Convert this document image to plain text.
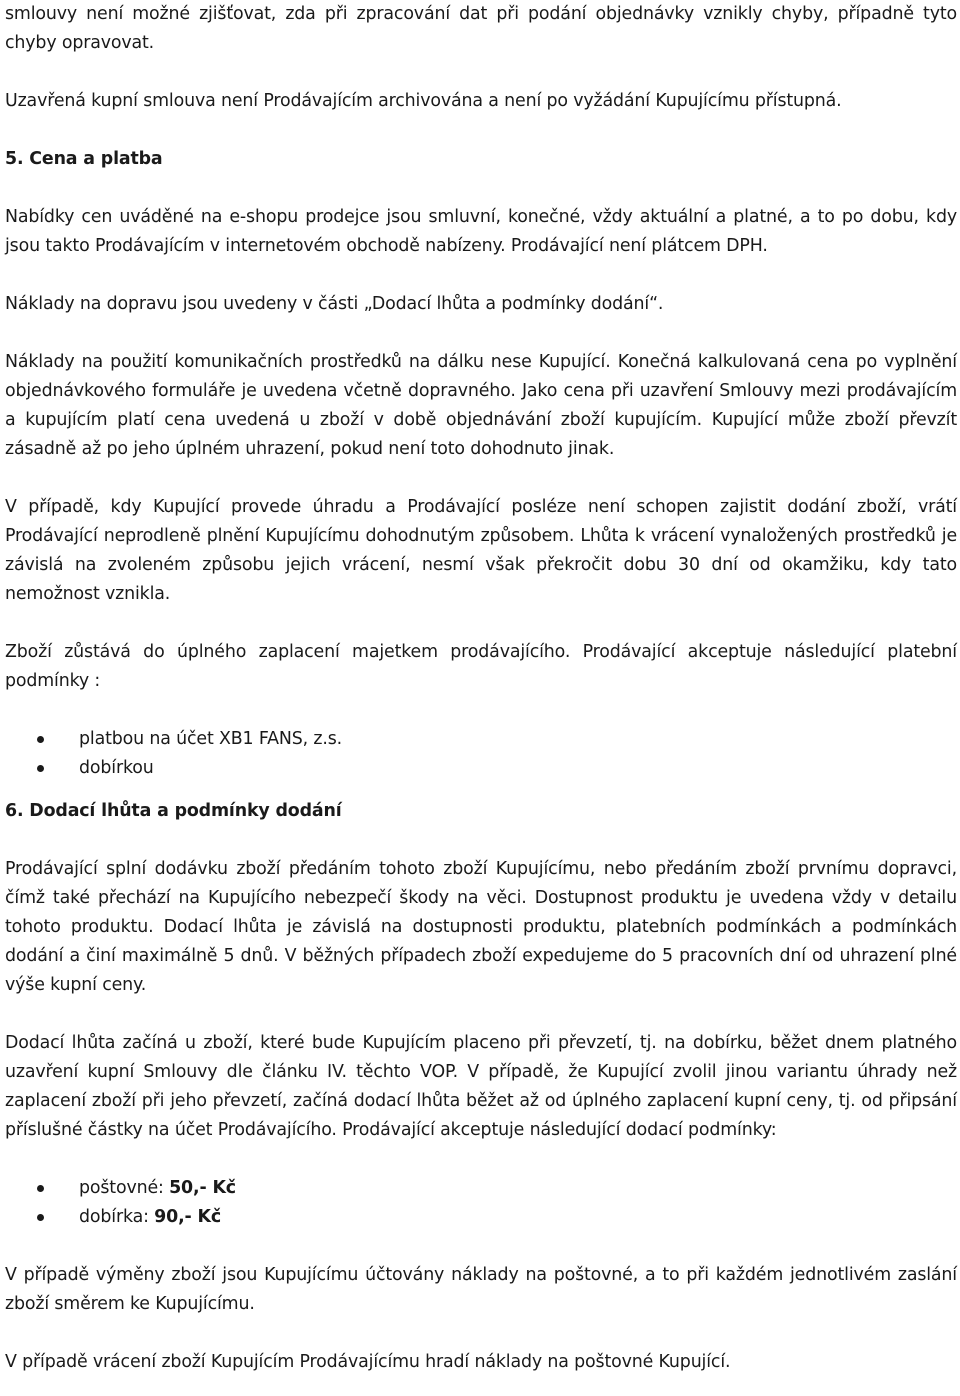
smlouvy není možné zjišťovat, zda při zpracování dat při podání objednávky vznikly chyby, případně tyto chyby opravovat.

Uzavřená kupní smlouva není Prodávajícím archivována a není po vyžádání Kupujícímu přístupná.

5. Cena a platba

Nabídky cen uváděné na e-shopu prodejce jsou smluvní, konečné, vždy aktuální a platné, a to po dobu, kdy jsou takto Prodávajícím v internetovém obchodě nabízeny. Prodávající není plátcem DPH.

Náklady na dopravu jsou uvedeny v části „Dodací lhůta a podmínky dodání“.

Náklady na použití komunikačních prostředků na dálku nese Kupující. Konečná kalkulovaná cena po vyplnění objednávkového formuláře je uvedena včetně dopravného. Jako cena při uzavření Smlouvy mezi prodávajícím a kupujícím platí cena uvedená u zboží v době objednávání zboží kupujícím. Kupující může zboží převzít zásadně až po jeho úplném uhrazení, pokud není toto dohodnuto jinak.

V případě, kdy Kupující provede úhradu a Prodávající posléze není schopen zajistit dodání zboží, vrátí Prodávající neprodleně plnění Kupujícímu dohodnutým způsobem. Lhůta k vrácení vynaložených prostředků je závislá na zvoleném způsobu jejich vrácení, nesmí však překročit dobu 30 dní od okamžiku, kdy tato nemožnost vznikla.

Zboží zůstává do úplného zaplacení majetkem prodávajícího. Prodávající akceptuje následující platební podmínky :

platbou na účet XB1 FANS, z.s.
dobírkou

6. Dodací lhůta a podmínky dodání

Prodávající splní dodávku zboží předáním tohoto zboží Kupujícímu, nebo předáním zboží prvnímu dopravci, čímž také přechází na Kupujícího nebezpečí škody na věci. Dostupnost produktu je uvedena vždy v detailu tohoto produktu. Dodací lhůta je závislá na dostupnosti produktu, platebních podmínkách a podmínkách dodání a činí maximálně 5 dnů. V běžných případech zboží expedujeme do 5 pracovních dní od uhrazení plné výše kupní ceny.

Dodací lhůta začíná u zboží, které bude Kupujícím placeno při převzetí, tj. na dobírku, běžet dnem platného uzavření kupní Smlouvy dle článku IV. těchto VOP. V případě, že Kupující zvolil jinou variantu úhrady než zaplacení zboží při jeho převzetí, začíná dodací lhůta běžet až od úplného zaplacení kupní ceny, tj. od připsání příslušné částky na účet Prodávajícího. Prodávající akceptuje následující dodací podmínky:

poštovné: 50,- Kč
dobírka: 90,- Kč

V případě výměny zboží jsou Kupujícímu účtovány náklady na poštovné, a to při každém jednotlivém zaslání zboží směrem ke Kupujícímu.

V případě vrácení zboží Kupujícím Prodávajícímu hradí náklady na poštovné Kupující.
